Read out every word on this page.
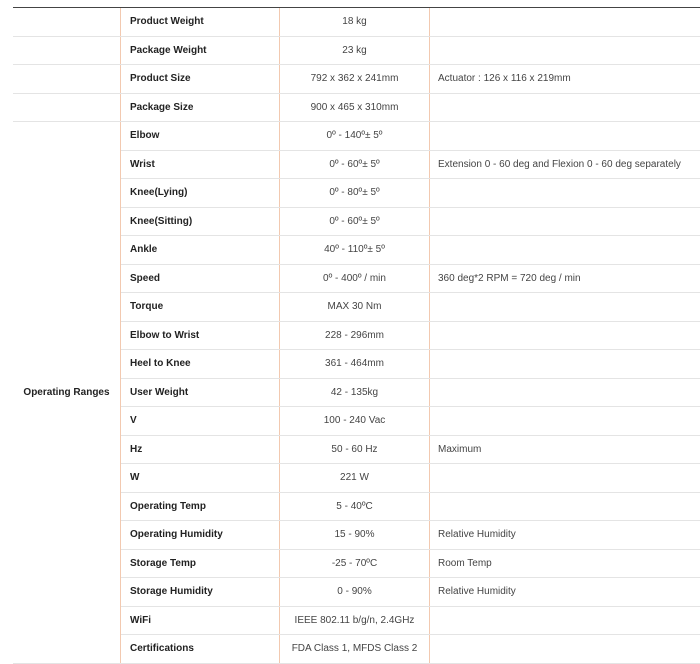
	Product Weight	18 kg	
	Package Weight	23 kg	
	Product Size	792 x 362 x 241mm	Actuator : 126 x 116 x 219mm
	Package Size	900 x 465 x 310mm	
Operating Ranges	Elbow	0º - 140º± 5º	
	Wrist	0º - 60º± 5º	Extension 0 - 60 deg and Flexion 0 - 60 deg separately
	Knee(Lying)	0º - 80º± 5º	
	Knee(Sitting)	0º - 60º± 5º	
	Ankle	40º - 110º± 5º	
	Speed	0º - 400º / min	360 deg*2 RPM = 720 deg / min
	Torque	MAX 30 Nm	
	Elbow to Wrist	228 - 296mm	
	Heel to Knee	361 - 464mm	
	User Weight	42 - 135kg	
	V	100 - 240 Vac	
	Hz	50 - 60 Hz	Maximum
	W	221 W	
	Operating Temp	5 - 40ºC	
	Operating Humidity	15 - 90%	Relative Humidity
	Storage Temp	-25 - 70ºC	Room Temp
	Storage Humidity	0 - 90%	Relative Humidity
	WiFi	IEEE 802.11 b/g/n, 2.4GHz	
	Certifications	FDA Class 1, MFDS Class 2	
